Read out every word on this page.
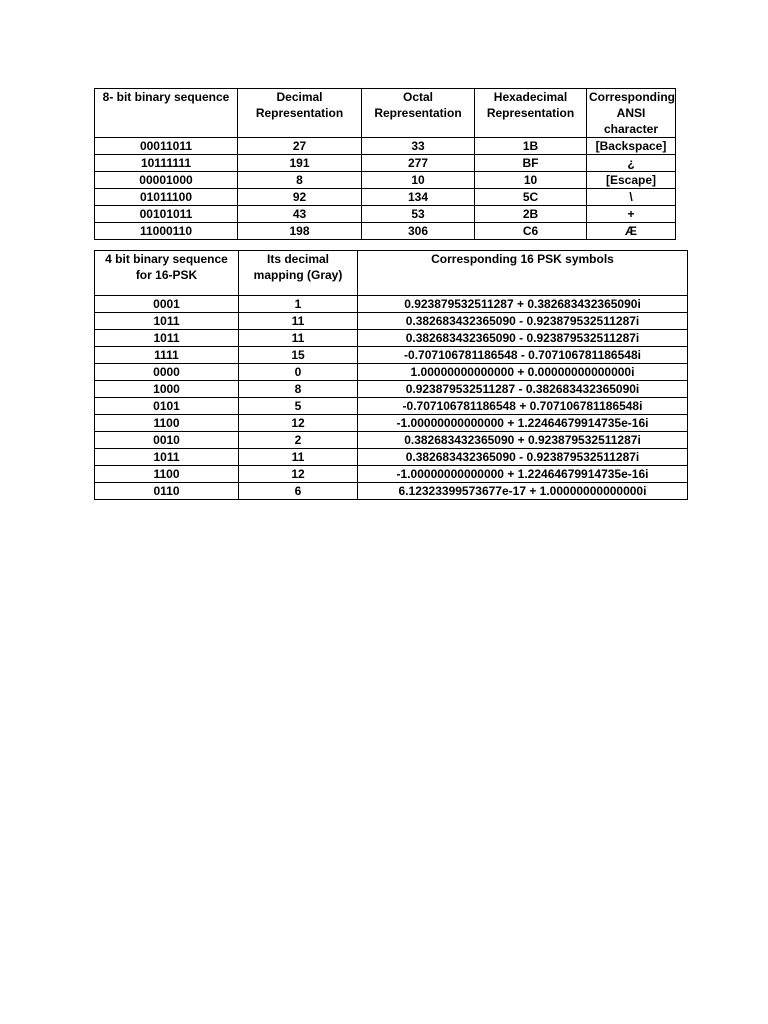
8- bit binary sequence	Decimal Representation	Octal Representation	Hexadecimal Representation	Corresponding ANSI character
00011011	27	33	1B	[Backspace]
10111111	191	277	BF	¿
00001000	8	10	10	[Escape]
01011100	92	134	5C	\
00101011	43	53	2B	+
11000110	198	306	C6	Æ
4 bit binary sequence for 16-PSK	Its decimal mapping (Gray)	Corresponding 16 PSK symbols
0001	1	0.923879532511287 + 0.382683432365090i
1011	11	0.382683432365090 - 0.923879532511287i
1011	11	0.382683432365090 - 0.923879532511287i
1111	15	-0.707106781186548 - 0.707106781186548i
0000	0	1.00000000000000 + 0.00000000000000i
1000	8	0.923879532511287 - 0.382683432365090i
0101	5	-0.707106781186548 + 0.707106781186548i
1100	12	-1.00000000000000 + 1.22464679914735e-16i
0010	2	0.382683432365090 + 0.923879532511287i
1011	11	0.382683432365090 - 0.923879532511287i
1100	12	-1.00000000000000 + 1.22464679914735e-16i
0110	6	6.12323399573677e-17 + 1.00000000000000i
